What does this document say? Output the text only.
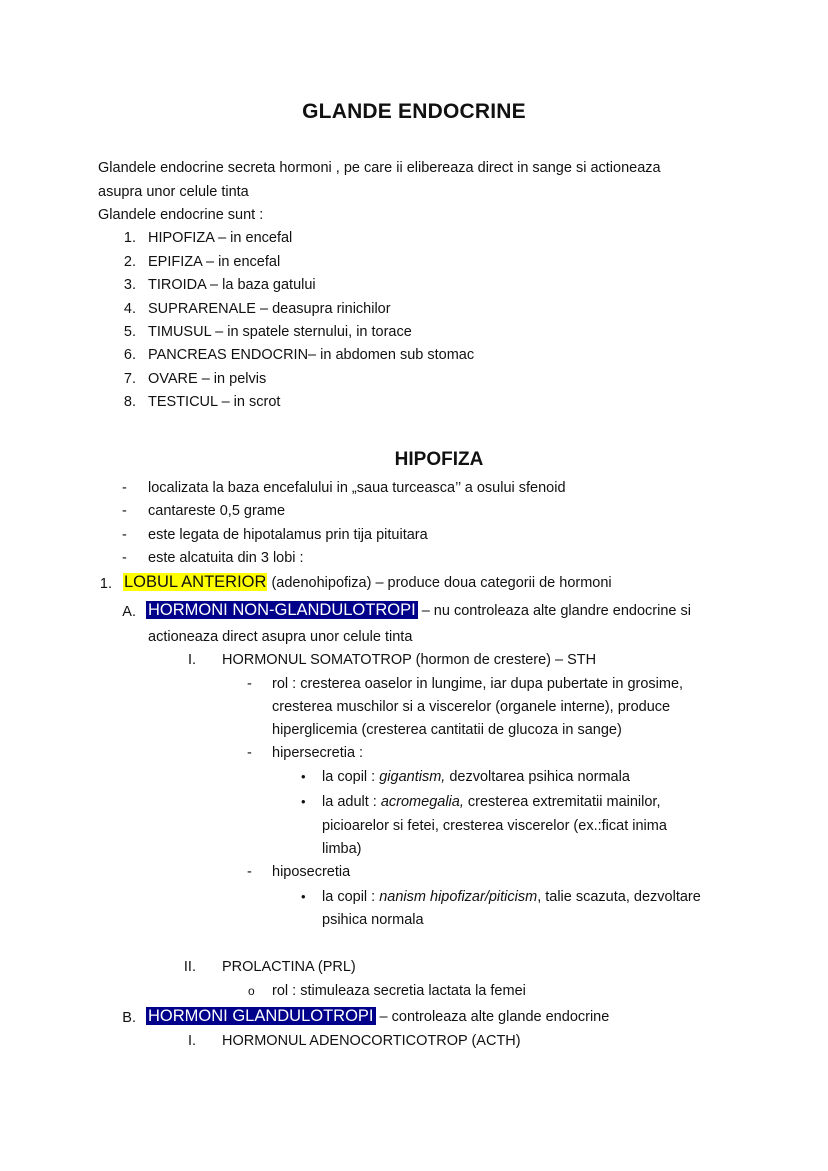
GLANDE ENDOCRINE
Glandele endocrine secreta hormoni , pe care ii elibereaza direct in sange si actioneaza
asupra unor celule tinta
Glandele endocrine sunt :
1. HIPOFIZA – in encefal
2. EPIFIZA – in encefal
3. TIROIDA – la baza gatului
4. SUPRARENALE – deasupra rinichilor
5. TIMUSUL – in spatele sternului, in torace
6. PANCREAS ENDOCRIN– in abdomen sub stomac
7. OVARE – in pelvis
8. TESTICUL – in scrot
HIPOFIZA
- localizata la baza encefalului in „saua turceasca’’ a osului sfenoid
- cantareste 0,5 grame
- este legata de hipotalamus prin tija pituitara
- este alcatuita din 3 lobi :
1. LOBUL ANTERIOR (adenohipofiza) – produce doua categorii de hormoni
A. HORMONI NON-GLANDULOTROPI – nu controleaza alte glandre endocrine si
actioneaza direct asupra unor celule tinta
I. HORMONUL SOMATOTROP (hormon de crestere) – STH
- rol : cresterea oaselor in lungime, iar dupa pubertate in grosime,
cresterea muschilor si a viscerelor (organele interne), produce
hiperglicemia (cresterea cantitatii de glucoza in sange)
- hipersecretia :
• la copil : gigantism, dezvoltarea psihica normala
• la adult : acromegalia, cresterea extremitatii mainilor,
picioarelor si fetei, cresterea viscerelor (ex.:ficat inima
limba)
- hiposecretia
• la copil : nanism hipofizar/piticism, talie scazuta, dezvoltare
psihica normala
II. PROLACTINA (PRL)
o rol : stimuleaza secretia lactata la femei
B. HORMONI GLANDULOTROPI – controleaza alte glande endocrine
I. HORMONUL ADENOCORTICOTROP (ACTH)
